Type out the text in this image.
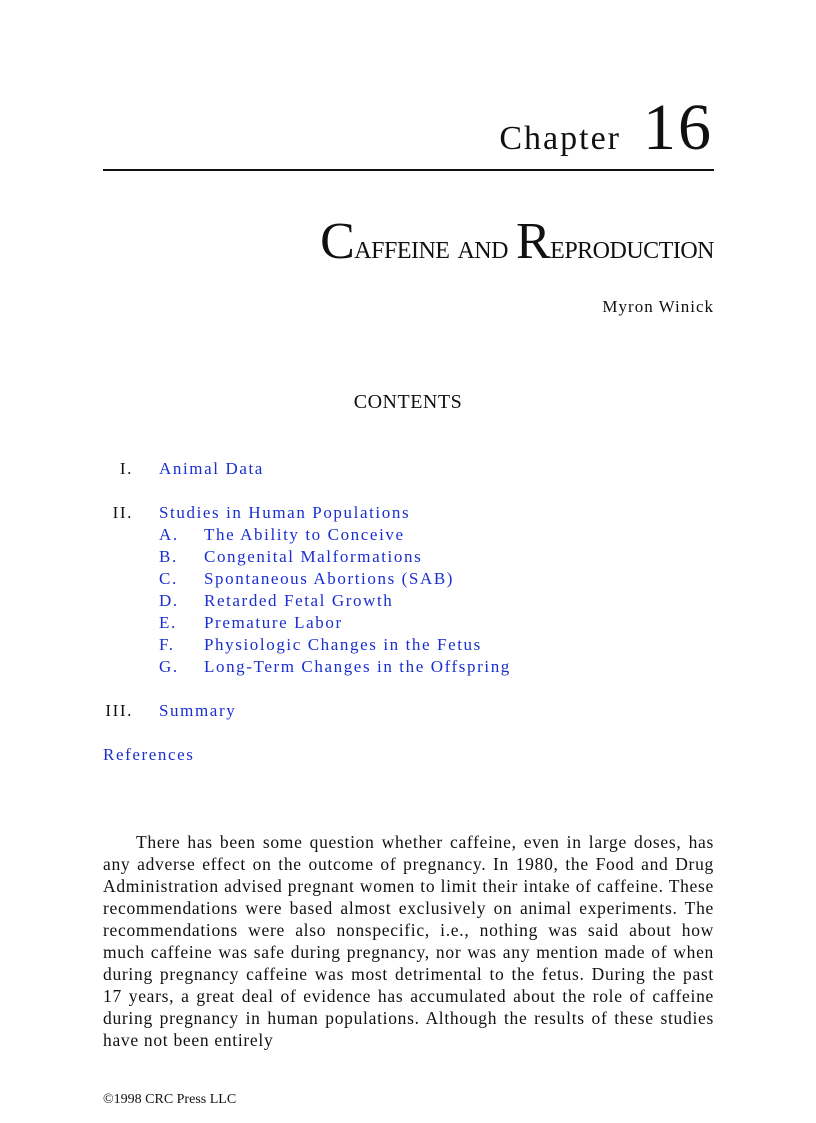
Chapter 16
Caffeine and Reproduction
Myron Winick
CONTENTS
I. Animal Data
II. Studies in Human Populations
A. The Ability to Conceive
B. Congenital Malformations
C. Spontaneous Abortions (SAB)
D. Retarded Fetal Growth
E. Premature Labor
F. Physiologic Changes in the Fetus
G. Long-Term Changes in the Offspring
III. Summary
References

There has been some question whether caffeine, even in large doses, has any adverse effect on the outcome of pregnancy. In 1980, the Food and Drug Administration advised pregnant women to limit their intake of caffeine. These recommendations were based almost exclusively on animal experiments. The recommendations were also nonspecific, i.e., nothing was said about how much caffeine was safe during pregnancy, nor was any mention made of when during pregnancy caffeine was most detrimental to the fetus. During the past 17 years, a great deal of evidence has accumulated about the role of caffeine during pregnancy in human populations. Although the results of these studies have not been entirely

©1998 CRC Press LLC
